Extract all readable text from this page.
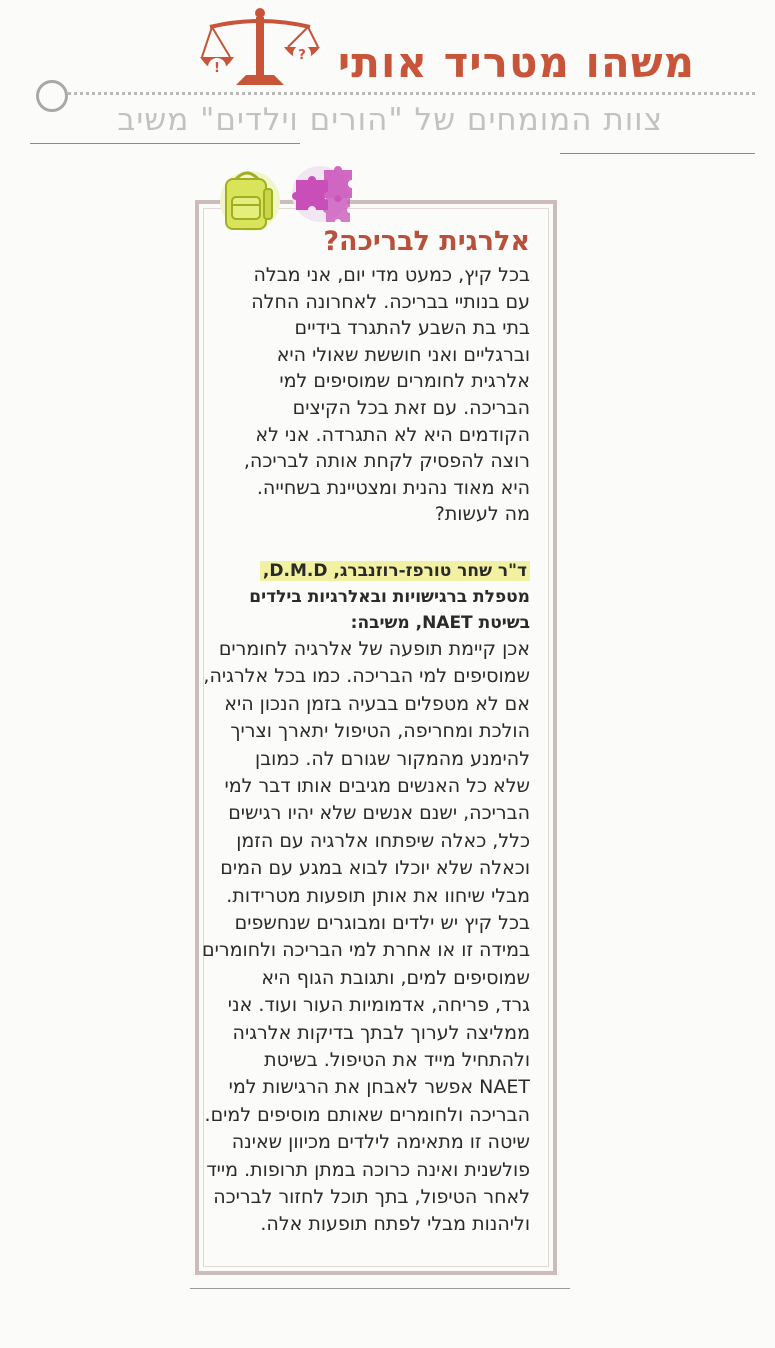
!
? משהו מטריד אותי
צוות המומחים של "הורים וילדים" משיב
אלרגית לבריכה?
בכל קיץ, כמעט מדי יום, אני מבלה
עם בנותיי בבריכה. לאחרונה החלה
בתי בת השבע להתגרד בידיים
וברגליים ואני חוששת שאולי היא
אלרגית לחומרים שמוסיפים למי
הבריכה. עם זאת בכל הקיצים
הקודמים היא לא התגרדה. אני לא
רוצה להפסיק לקחת אותה לבריכה,
היא מאוד נהנית ומצטיינת בשחייה.
מה לעשות?
ד"ר שחר טורפז-רוזנברג, D.M.D,
מטפלת ברגישויות ובאלרגיות בילדים
בשיטת NAET, משיבה:
אכן קיימת תופעה של אלרגיה לחומרים
שמוסיפים למי הבריכה. כמו בכל אלרגיה,
אם לא מטפלים בבעיה בזמן הנכון היא
הולכת ומחריפה, הטיפול יתארך וצריך
להימנע מהמקור שגורם לה. כמובן
שלא כל האנשים מגיבים אותו דבר למי
הבריכה, ישנם אנשים שלא יהיו רגישים
כלל, כאלה שיפתחו אלרגיה עם הזמן
וכאלה שלא יוכלו לבוא במגע עם המים
מבלי שיחוו את אותן תופעות מטרידות.
בכל קיץ יש ילדים ומבוגרים שנחשפים
במידה זו או אחרת למי הבריכה ולחומרים
שמוסיפים למים, ותגובת הגוף היא
גרד, פריחה, אדמומיות העור ועוד. אני
ממליצה לערוך לבתך בדיקות אלרגיה
ולהתחיל מייד את הטיפול. בשיטת
NAET אפשר לאבחן את הרגישות למי
הבריכה ולחומרים שאותם מוסיפים למים.
שיטה זו מתאימה לילדים מכיוון שאינה
פולשנית ואינה כרוכה במתן תרופות. מייד
לאחר הטיפול, בתך תוכל לחזור לבריכה
וליהנות מבלי לפתח תופעות אלה.
